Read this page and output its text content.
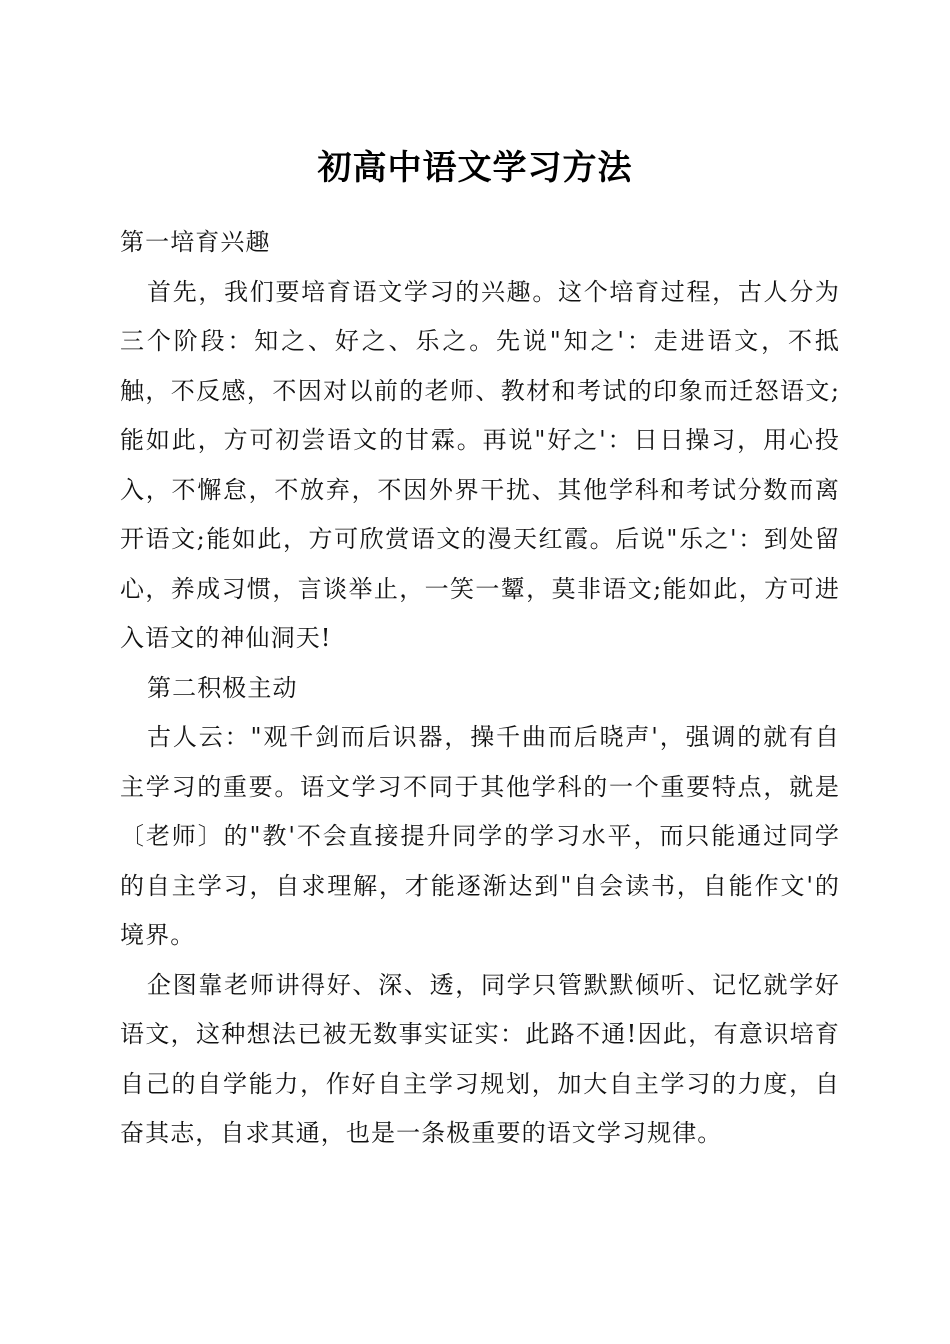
初高中语文学习方法

第一培育兴趣

首先，我们要培育语文学习的兴趣。这个培育过程，古人分为三个阶段：知之、好之、乐之。先说"知之'：走进语文，不抵触，不反感，不因对以前的老师、教材和考试的印象而迁怒语文;能如此，方可初尝语文的甘霖。再说"好之'：日日操习，用心投入，不懈怠，不放弃，不因外界干扰、其他学科和考试分数而离开语文;能如此，方可欣赏语文的漫天红霞。后说"乐之'：到处留心，养成习惯，言谈举止，一笑一颦，莫非语文;能如此，方可进入语文的神仙洞天!

第二积极主动

古人云："观千剑而后识器，操千曲而后晓声'，强调的就有自主学习的重要。语文学习不同于其他学科的一个重要特点，就是〔老师〕的"教'不会直接提升同学的学习水平，而只能通过同学的自主学习，自求理解，才能逐渐达到"自会读书，自能作文'的境界。

企图靠老师讲得好、深、透，同学只管默默倾听、记忆就学好语文，这种想法已被无数事实证实：此路不通!因此，有意识培育自己的自学能力，作好自主学习规划，加大自主学习的力度，自奋其志，自求其通，也是一条极重要的语文学习规律。
